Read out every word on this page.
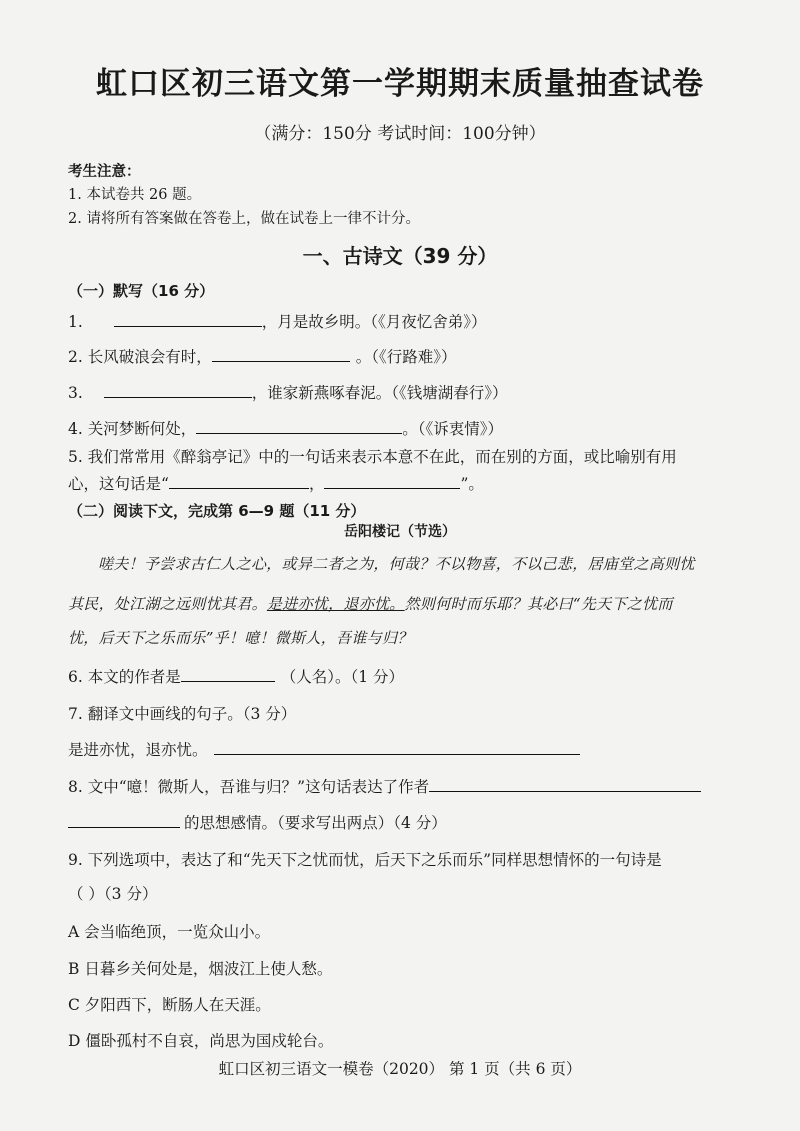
虹口区初三语文第一学期期末质量抽查试卷
（满分：150分 考试时间：100分钟）
考生注意：
1. 本试卷共 26 题。
2. 请将所有答案做在答卷上，做在试卷上一律不计分。
一、古诗文（39 分）
（一）默写（16 分）
1.	，月是故乡明。（《月夜忆舍弟》）
2. 长风破浪会有时，	。（《行路难》）
3.	，谁家新燕啄春泥。（《钱塘湖春行》）
4. 关河梦断何处，	。（《诉衷情》）
5. 我们常常用《醉翁亭记》中的一句话来表示本意不在此，而在别的方面，或比喻别有用
心，这句话是“	，	”。
（二）阅读下文，完成第 6—9 题（11 分）
岳阳楼记（节选）
嗟夫！予尝求古仁人之心，或异二者之为，何哉？不以物喜，不以己悲，居庙堂之高则忧
其民，处江湖之远则忧其君。是进亦忧，退亦忧。然则何时而乐耶？其必曰“先天下之忧而
忧，后天下之乐而乐”乎！噫！微斯人，吾谁与归？
6. 本文的作者是	（人名）。（1 分）
7. 翻译文中画线的句子。（3 分）
是进亦忧，退亦忧。
8. 文中“噫！微斯人，吾谁与归？”这句话表达了作者
的思想感情。（要求写出两点）（4 分）
9. 下列选项中，表达了和“先天下之忧而忧，后天下之乐而乐”同样思想情怀的一句诗是
（ ）（3 分）
A 会当临绝顶，一览众山小。
B 日暮乡关何处是，烟波江上使人愁。
C 夕阳西下，断肠人在天涯。
D 僵卧孤村不自哀，尚思为国戍轮台。
虹口区初三语文一模卷（2020） 第 1 页（共 6 页）
